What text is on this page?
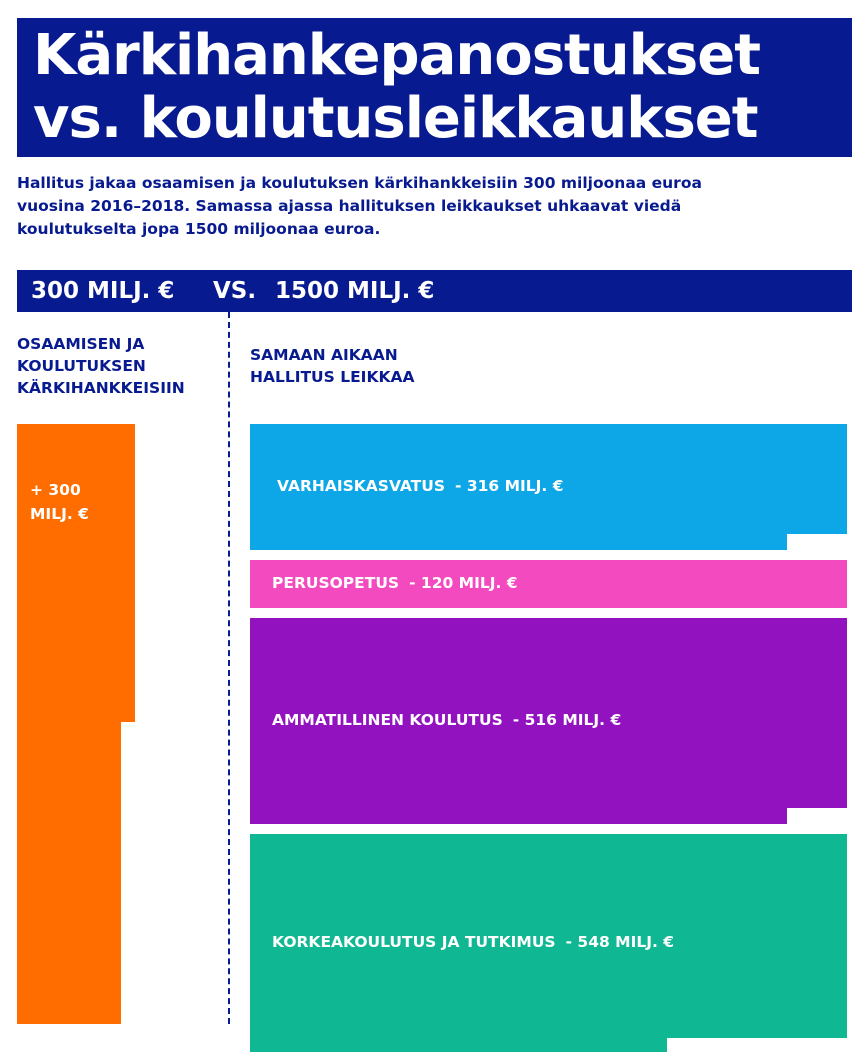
Kärkihankepanostukset
vs. koulutusleikkaukset

Hallitus jakaa osaamisen ja koulutuksen kärkihankkeisiin 300 miljoonaa euroa vuosina 2016–2018. Samassa ajassa hallituksen leikkaukset uhkaavat viedä koulutukselta jopa 1500 miljoonaa euroa.

300 MILJ. € VS. 1500 MILJ. €
OSAAMISEN JA
KOULUTUKSEN
KÄRKIHANKKEISIIN
SAMAAN AIKAAN
HALLITUS LEIKKAA
+ 300
MILJ. €
VARHAISKASVATUS - 316 MILJ. €
PERUSOPETUS - 120 MILJ. €
AMMATILLINEN KOULUTUS - 516 MILJ. €
KORKEAKOULUTUS JA TUTKIMUS - 548 MILJ. €
